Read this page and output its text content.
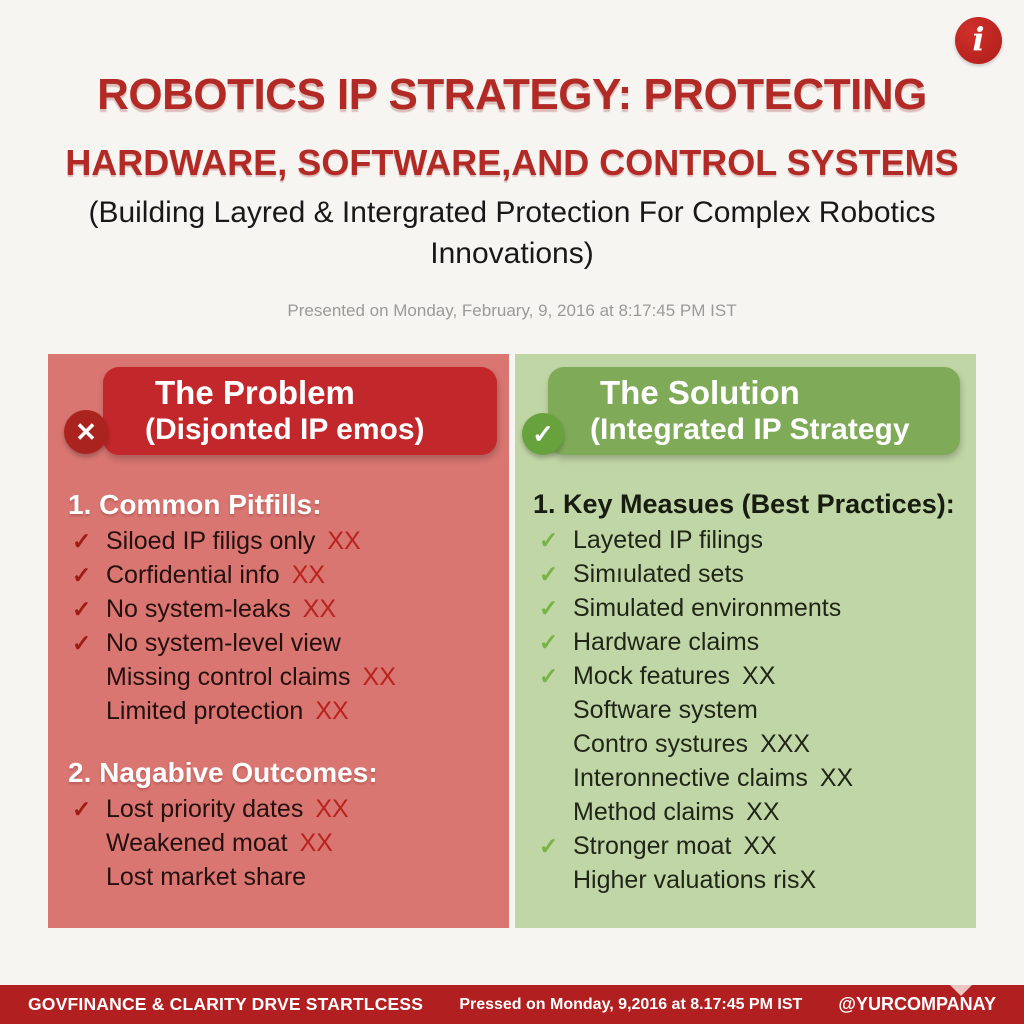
i
ROBOTICS IP STRATEGY: PROTECTING
HARDWARE, SOFTWARE,AND CONTROL SYSTEMS
(Building Layred & Intergrated Protection For Complex Robotics Innovations)
Presented on Monday, February, 9, 2016 at 8:17:45 PM IST
The Problem
(Disjonted IP emos)
✕
1. Common Pitfills:
✓ Siloed IP filigs only XX
✓ Corfidential info XX
✓ No system-leaks XX
✓ No system-level view
Missing control claims XX
Limited protection XX
2. Nagabive Outcomes:
✓ Lost priority dates XX
Weakened moat XX
Lost market share
The Solution
(Integrated IP Strategy
✓
1. Key Measues (Best Practices):
✓ Layeted IP filings
✓ Simıulated sets
✓ Simulated environments
✓ Hardware claims
✓ Mock features XX
Software system
Contro systures XXX
Interonnective claims XX
Method claims XX
✓ Stronger moat XX
Higher valuations risX
GOVFINANCE & CLARITY DRVE STARTLCESS Pressed on Monday, 9,2016 at 8.17:45 PM IST @YURCOMPANAY
